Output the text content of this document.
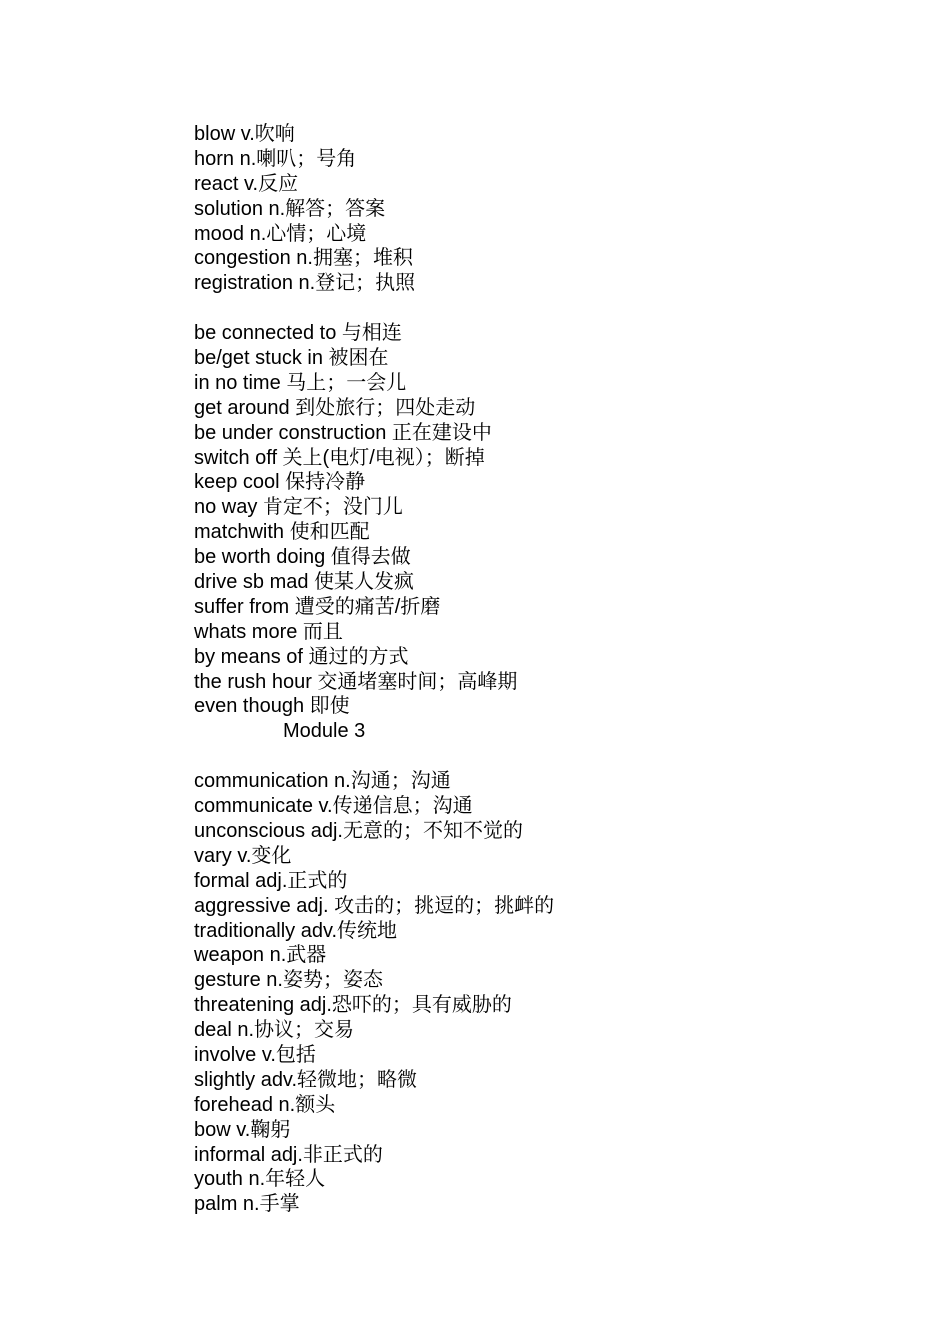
blow v.吹响
horn n.喇叭；号角
react v.反应
solution n.解答；答案
mood n.心情；心境
congestion n.拥塞；堆积
registration n.登记；执照
be connected to 与相连
be/get stuck in 被困在
in no time 马上；一会儿
get around 到处旅行；四处走动
be under construction 正在建设中
switch off 关上(电灯/电视）；断掉
keep cool 保持冷静
no way 肯定不；没门儿
matchwith 使和匹配
be worth doing 值得去做
drive sb mad 使某人发疯
suffer from 遭受的痛苦/折磨
whats more 而且
by means of 通过的方式
the rush hour 交通堵塞时间；高峰期
even though 即使
Module 3
communication n.沟通；沟通
communicate v.传递信息；沟通
unconscious adj.无意的；不知不觉的
vary v.变化
formal adj.正式的
aggressive adj. 攻击的；挑逗的；挑衅的
traditionally adv.传统地
weapon n.武器
gesture n.姿势；姿态
threatening adj.恐吓的；具有威胁的
deal n.协议；交易
involve v.包括
slightly adv.轻微地；略微
forehead n.额头
bow v.鞠躬
informal adj.非正式的
youth n.年轻人
palm n.手掌
